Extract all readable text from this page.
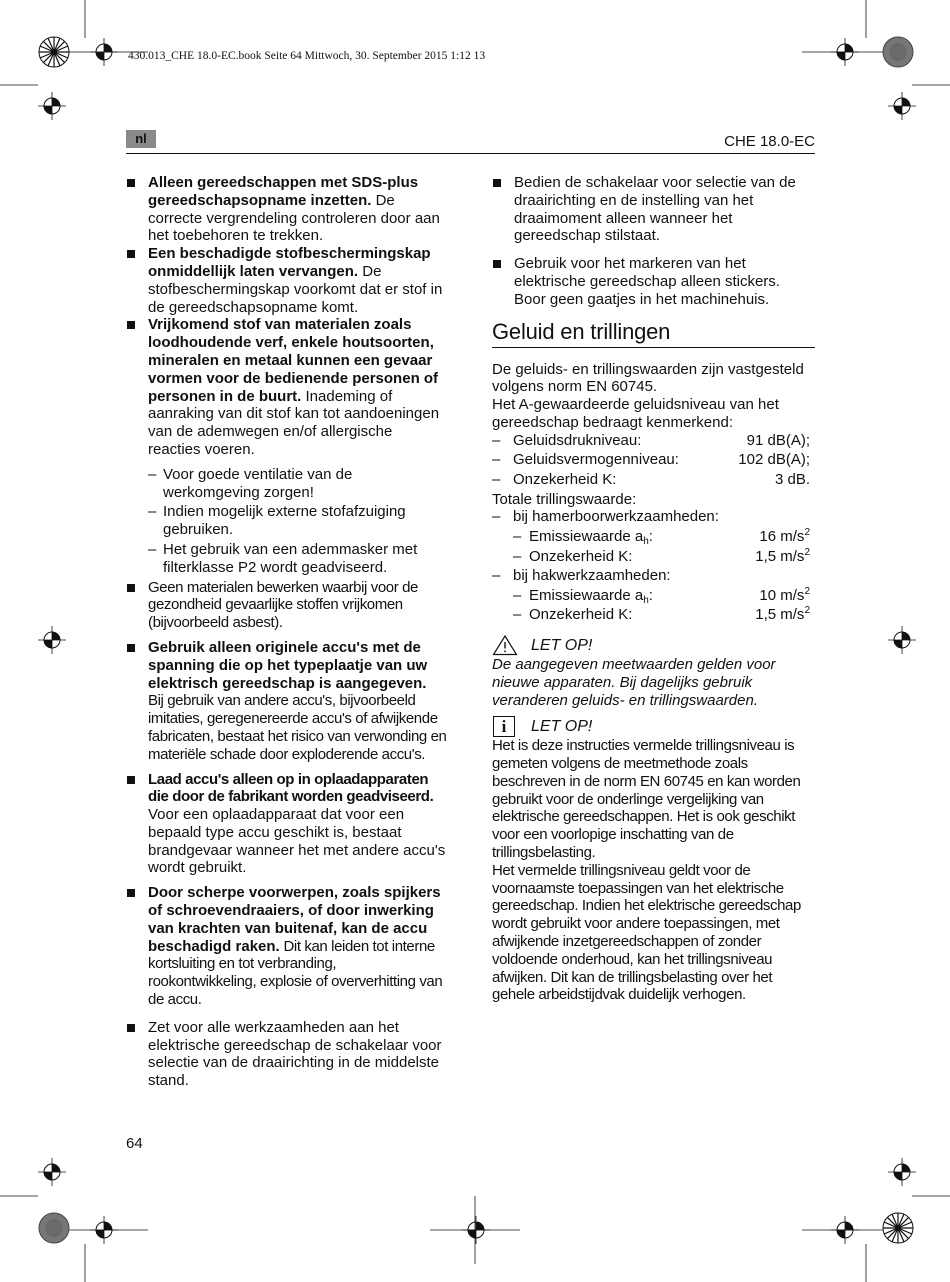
430.013_CHE 18.0-EC.book Seite 64 Mittwoch, 30. September 2015 1:12 13
nl	CHE 18.0-EC
Alleen gereedschappen met SDS-plus gereedschapsopname inzetten. De correcte vergrendeling controleren door aan het toebehoren te trekken.
Een beschadigde stofbeschermingskap onmiddellijk laten vervangen. De stofbeschermingskap voorkomt dat er stof in de gereedschapsopname komt.
Vrijkomend stof van materialen zoals loodhoudende verf, enkele houtsoorten, mineralen en metaal kunnen een gevaar vormen voor de bedienende personen of personen in de buurt. Inademing of aanraking van dit stof kan tot aandoeningen van de ademwegen en/of allergische reacties voeren.
– Voor goede ventilatie van de werkomgeving zorgen!
– Indien mogelijk externe stofafzuiging gebruiken.
– Het gebruik van een ademmasker met filterklasse P2 wordt geadviseerd.
Geen materialen bewerken waarbij voor de gezondheid gevaarlijke stoffen vrijkomen (bijvoorbeeld asbest).
Gebruik alleen originele accu's met de spanning die op het typeplaatje van uw elektrisch gereedschap is aangegeven.
Bij gebruik van andere accu's, bijvoorbeeld imitaties, geregenereerde accu's of afwijkende fabricaten, bestaat het risico van verwonding en materiële schade door exploderende accu's.
Laad accu's alleen op in oplaadapparaten die door de fabrikant worden geadviseerd.
Voor een oplaadapparaat dat voor een bepaald type accu geschikt is, bestaat brandgevaar wanneer het met andere accu's wordt gebruikt.
Door scherpe voorwerpen, zoals spijkers of schroevendraaiers, of door inwerking van krachten van buitenaf, kan de accu beschadigd raken. Dit kan leiden tot interne kortsluiting en tot verbranding, rookontwikkeling, explosie of oververhitting van de accu.
Zet voor alle werkzaamheden aan het elektrische gereedschap de schakelaar voor selectie van de draairichting in de middelste stand.
Bedien de schakelaar voor selectie van de draairichting en de instelling van het draaimoment alleen wanneer het gereedschap stilstaat.
Gebruik voor het markeren van het elektrische gereedschap alleen stickers. Boor geen gaatjes in het machinehuis.
Geluid en trillingen
De geluids- en trillingswaarden zijn vastgesteld volgens norm EN 60745.
Het A-gewaardeerde geluidsniveau van het gereedschap bedraagt kenmerkend:
– Geluidsdrukniveau:	91 dB(A);
– Geluidsvermogenniveau:	102 dB(A);
– Onzekerheid K:	3 dB.
Totale trillingswaarde:
– bij hamerboorwerkzaamheden:
– Emissiewaarde $a_h$:	16 $m/s^2$
– Onzekerheid K:	1,5 $m/s^2$
– bij hakwerkzaamheden:
– Emissiewaarde $a_h$:	10 $m/s^2$
– Onzekerheid K:	1,5 $m/s^2$
LET OP!
De aangegeven meetwaarden gelden voor nieuwe apparaten. Bij dagelijks gebruik veranderen geluids- en trillingswaarden.
i	LET OP!
Het is deze instructies vermelde trillingsniveau is gemeten volgens de meetmethode zoals beschreven in de norm EN 60745 en kan worden gebruikt voor de onderlinge vergelijking van elektrische gereedschappen. Het is ook geschikt voor een voorlopige inschatting van de trillingsbelasting.
Het vermelde trillingsniveau geldt voor de voornaamste toepassingen van het elektrische gereedschap. Indien het elektrische gereedschap wordt gebruikt voor andere toepassingen, met afwijkende inzetgereedschappen of zonder voldoende onderhoud, kan het trillingsniveau afwijken. Dit kan de trillingsbelasting over het gehele arbeidstijdvak duidelijk verhogen.
64
